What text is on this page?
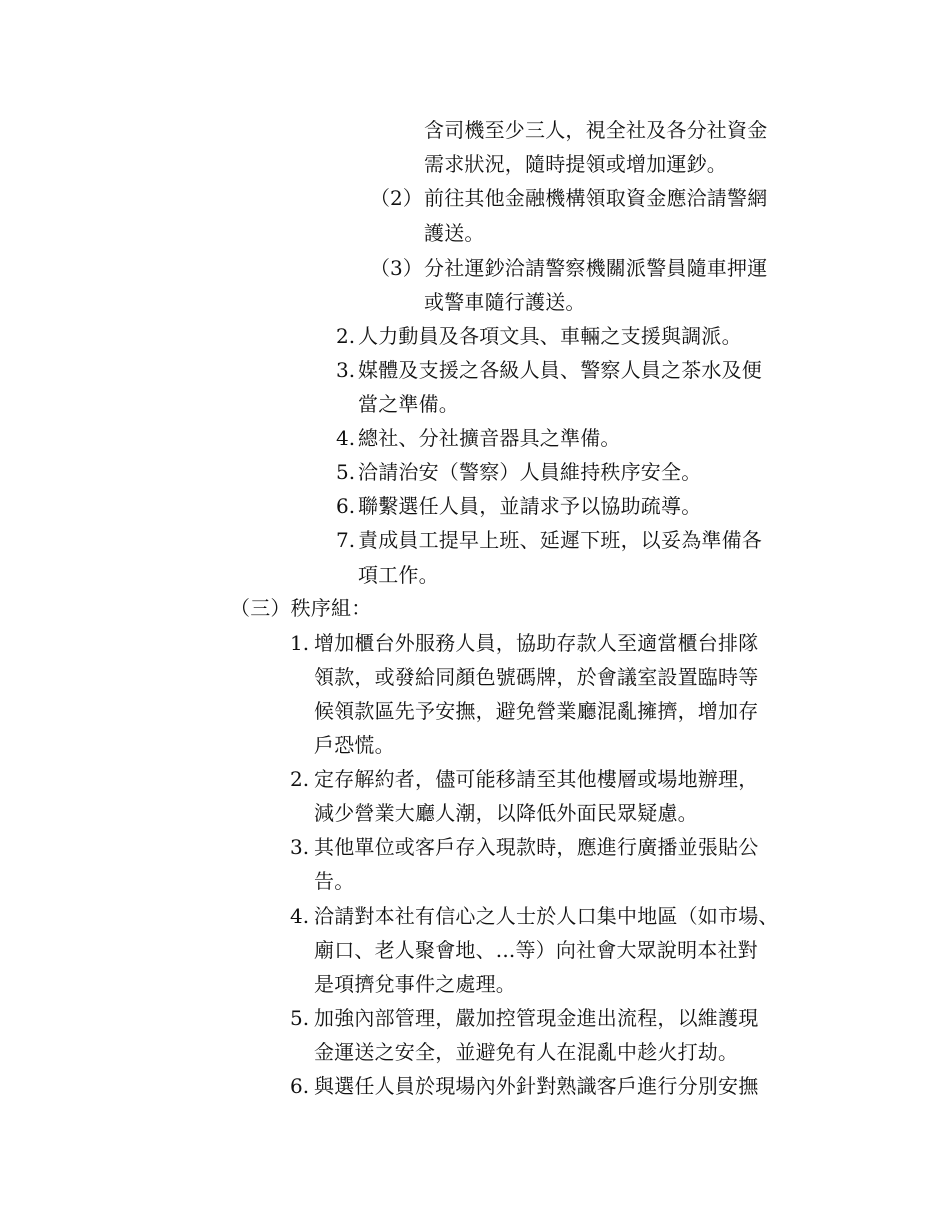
含司機至少三人，視全社及各分社資金
需求狀況，隨時提領或增加運鈔。
（2） 前往其他金融機構領取資金應洽請警網
護送。
（3） 分社運鈔洽請警察機關派警員隨車押運
或警車隨行護送。
2. 人力動員及各項文具、車輛之支援與調派。
3. 媒體及支援之各級人員、警察人員之茶水及便
當之準備。
4. 總社、分社擴音器具之準備。
5. 洽請治安（警察）人員維持秩序安全。
6. 聯繫選任人員，並請求予以協助疏導。
7. 責成員工提早上班、延遲下班，以妥為準備各
項工作。
（三）秩序組：
1. 增加櫃台外服務人員，協助存款人至適當櫃台排隊
領款，或發給同顏色號碼牌，於會議室設置臨時等
候領款區先予安撫，避免營業廳混亂擁擠，增加存
戶恐慌。
2. 定存解約者，儘可能移請至其他樓層或場地辦理，
減少營業大廳人潮，以降低外面民眾疑慮。
3. 其他單位或客戶存入現款時，應進行廣播並張貼公
告。
4. 洽請對本社有信心之人士於人口集中地區（如市場、
廟口、老人聚會地、...等）向社會大眾說明本社對
是項擠兌事件之處理。
5. 加強內部管理，嚴加控管現金進出流程，以維護現
金運送之安全，並避免有人在混亂中趁火打劫。
6. 與選任人員於現場內外針對熟識客戶進行分別安撫
